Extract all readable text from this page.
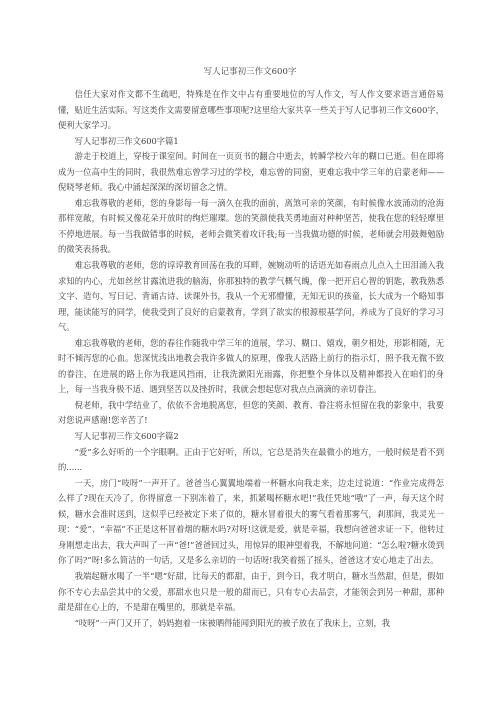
写人记事初三作文600字

信任大家对作文都不生疏吧，特殊是在作文中占有重要地位的写人作文，写人作文要求语言通俗易懂，贴近生活实际。写这类作文需要留意哪些事项呢?这里给大家共享一些关于写人记事初三作文600字，便利大家学习。

写人记事初三作文600字篇1

游走于校道上，穿梭于课室间。时间在一页页书的翻合中逝去，转瞬学校六年的糊口已逝。但在即将成为一位高中生的同时，我很然难忘曾学习过的学校，难忘曾的同窗，更难忘我中学三年的启蒙老师——倪晓琴老师。我心中涌起深深的深切留念之情。

难忘我尊敬的老师，您的身影每一每一滴久在我的面前，离煞可亲的笑颜，有时候像水波涌动的沧海那样宽敞，有时候又像花朵开放时的绚烂璀璨。您的笑颜使我芙勇地面对种种坚苦，使我在您的轻轻摩里不停地进展。每一当我做错事的时候，老师会微笑着攻讦我;每一当我做功德的时候，老师就会用鼓舞勉励的微笑表扬我。

难忘我尊敬的老师，您的谆谆教育回荡在我的耳畔，婉婉动听的话语光如春雨点儿点入土田泪涌入我求知的内心，尤如丝丝甘露流进我的脑海，你那独特的教学气概气魄，像一把开启心智的钥匙，教我熟悉文字、造句、写日记、背诵古诗、读课外书，我从一个无邪懵懂，无知无识的孩童，长大成为一个略知事理，能读能写的同学，使我受到了良好的启蒙教育，学到了欲实的根源根基学问，养成为了良好的学习习气。

难忘我尊敬的老师，您的春往作随我中学三年的道展，学习、糊口、嬉戏，朝夕相处，形影相随，无时不倾泻您的心血。您深忧浅出地教会我许多做人的原理，像我人活路上前行的指示灯，照予我无微不致的眷注，在进展的路上你为我遮风挡雨，让我洗漱阳光雨露，你把整个身体以及精神都投入在咱们的身上，每一当我身极不适、遇到坚苦以及挫折时，我就会想起您对我点点滴滴的亲切眷注。

倪老师，我中学结业了，依依不舍地脱离您，但您的笑颜、教育、眷注将永恒留在我的影象中，我要对您说声感谢!您辛苦了!

写人记事初三作文600字篇2

“爱”多么好听的一个字眼啊。正由于它好听，所以，它总是消失在最微小的地方，一般时候是看不到的......

一天，房门“吱呀”一声开了。爸爸当心翼翼地端着一杯糖水向我走来，边走过说道：“作业完成得怎么样了?现在天冷了，你得留意一下别冻着了，来，抓紧喝杯糖水吧!”我任凭地“哦”了一声，每天这个时候，糖水会准时送到，这似乎已经被定下来了似的，糖水冒着很大的雾气看着那雾气，剎那间，我灵光一现：“爱”、“幸福”不正是这杯冒着烟的糖水吗?对呀!这就是爱，就是幸福，我想向爸爸求证一下，他转过身刚想走出去，我大声叫了一声“爸!”爸爸回过头，用惊异的眼神望着我，不解地问道：“怎么啦?糖水烫到你了吗?”呀!多么简洁的一句话，又是多么亲切的一句话呀!我笑着摇了摇头，爸爸这才安心地走了出去。

我端起糖水喝了一半“嗯”好甜，比每天的都甜，由于，到今日，我才明白，糖水当然甜，但是，假如你不专心去品尝其中的父爱，那甜水也只是一般的甜而已，只有专心去品尝，才能领会到另一种甜，那种甜是甜在心上的，不是甜在嘴里的，那就是幸福。

“吱呀”一声门又开了，妈妈抱着一床被晒得能闻到阳光的被子放在了我床上，立刻，我
